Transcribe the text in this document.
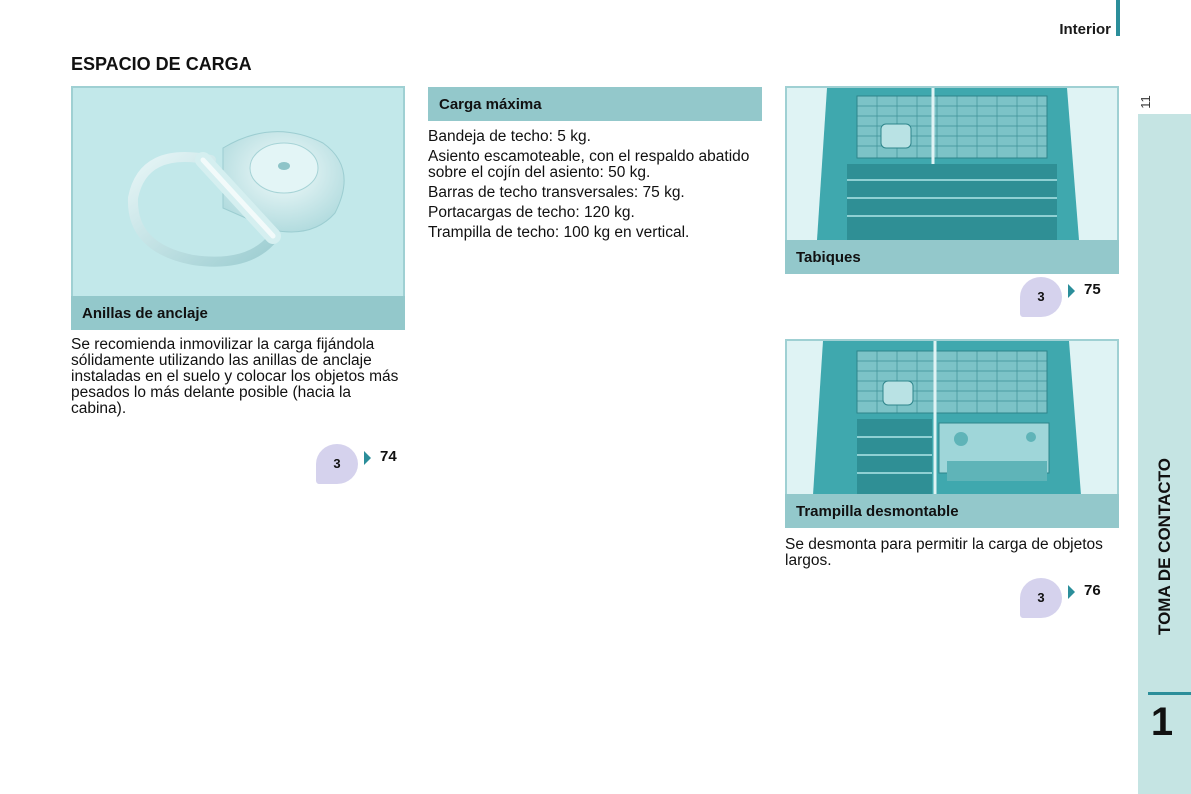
Interior
11
TOMA DE CONTACTO
1
ESPACIO DE CARGA
Anillas de anclaje

Se recomienda inmovilizar la carga fijándola sólidamente utilizando las anillas de anclaje instaladas en el suelo y colocar los objetos más pesados lo más delante posible (hacia la cabina).

3	74
Carga máxima

Bandeja de techo: 5 kg.

Asiento escamoteable, con el respaldo abatido sobre el cojín del asiento: 50 kg.

Barras de techo transversales: 75 kg.

Portacargas de techo: 120 kg.

Trampilla de techo: 100 kg en vertical.

Tabiques
3	75
Trampilla desmontable

Se desmonta para permitir la carga de objetos largos.

3	76
